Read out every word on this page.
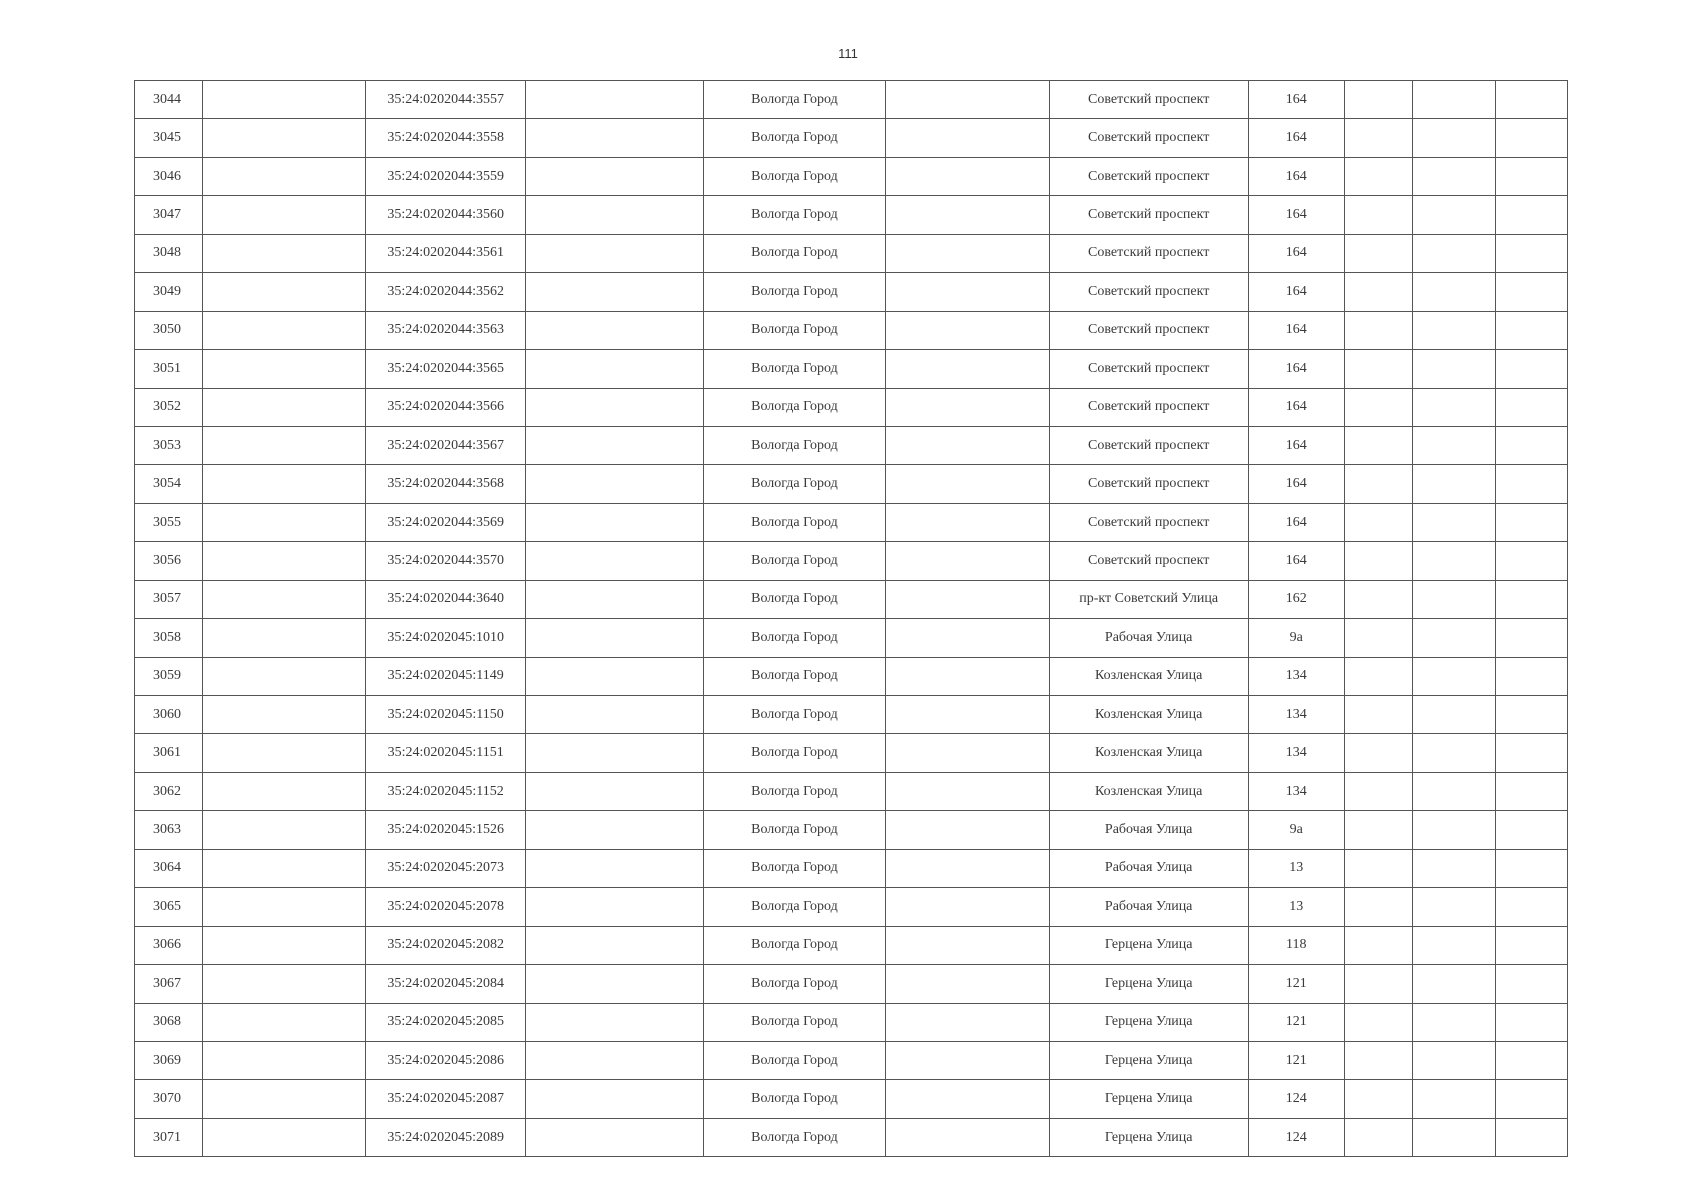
111
3044		35:24:0202044:3557		Вологда Город		Советский проспект	164			
3045		35:24:0202044:3558		Вологда Город		Советский проспект	164			
3046		35:24:0202044:3559		Вологда Город		Советский проспект	164			
3047		35:24:0202044:3560		Вологда Город		Советский проспект	164			
3048		35:24:0202044:3561		Вологда Город		Советский проспект	164			
3049		35:24:0202044:3562		Вологда Город		Советский проспект	164			
3050		35:24:0202044:3563		Вологда Город		Советский проспект	164			
3051		35:24:0202044:3565		Вологда Город		Советский проспект	164			
3052		35:24:0202044:3566		Вологда Город		Советский проспект	164			
3053		35:24:0202044:3567		Вологда Город		Советский проспект	164			
3054		35:24:0202044:3568		Вологда Город		Советский проспект	164			
3055		35:24:0202044:3569		Вологда Город		Советский проспект	164			
3056		35:24:0202044:3570		Вологда Город		Советский проспект	164			
3057		35:24:0202044:3640		Вологда Город		пр-кт Советский Улица	162			
3058		35:24:0202045:1010		Вологда Город		Рабочая Улица	9а			
3059		35:24:0202045:1149		Вологда Город		Козленская Улица	134			
3060		35:24:0202045:1150		Вологда Город		Козленская Улица	134			
3061		35:24:0202045:1151		Вологда Город		Козленская Улица	134			
3062		35:24:0202045:1152		Вологда Город		Козленская Улица	134			
3063		35:24:0202045:1526		Вологда Город		Рабочая Улица	9а			
3064		35:24:0202045:2073		Вологда Город		Рабочая Улица	13			
3065		35:24:0202045:2078		Вологда Город		Рабочая Улица	13			
3066		35:24:0202045:2082		Вологда Город		Герцена Улица	118			
3067		35:24:0202045:2084		Вологда Город		Герцена Улица	121			
3068		35:24:0202045:2085		Вологда Город		Герцена Улица	121			
3069		35:24:0202045:2086		Вологда Город		Герцена Улица	121			
3070		35:24:0202045:2087		Вологда Город		Герцена Улица	124			
3071		35:24:0202045:2089		Вологда Город		Герцена Улица	124			
